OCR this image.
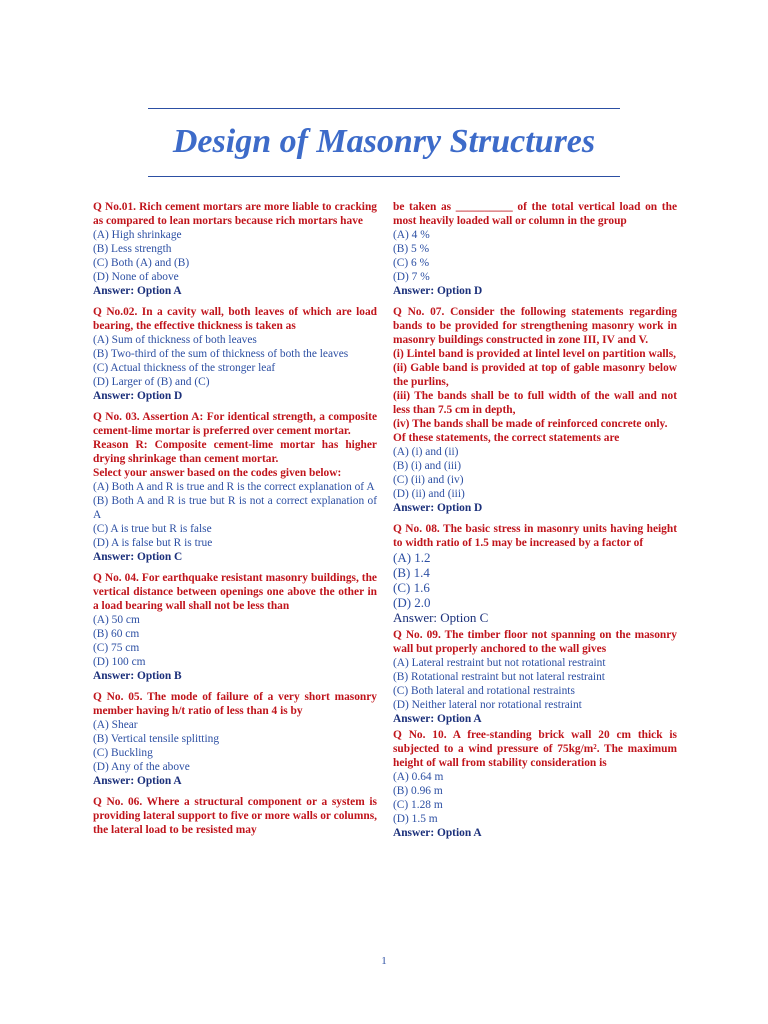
Design of Masonry Structures
Q No.01. Rich cement mortars are more liable to cracking as compared to lean mortars because rich mortars have
(A) High shrinkage
(B) Less strength
(C) Both (A) and (B)
(D) None of above
Answer: Option A
Q No.02. In a cavity wall, both leaves of which are load bearing, the effective thickness is taken as
(A) Sum of thickness of both leaves
(B) Two-third of the sum of thickness of both the leaves
(C) Actual thickness of the stronger leaf
(D) Larger of (B) and (C)
Answer: Option D
Q No. 03. Assertion A: For identical strength, a composite cement-lime mortar is preferred over cement mortar.
Reason R: Composite cement-lime mortar has higher drying shrinkage than cement mortar.
Select your answer based on the codes given below:
(A) Both A and R is true and R is the correct explanation of A
(B) Both A and R is true but R is not a correct explanation of A
(C) A is true but R is false
(D) A is false but R is true
Answer: Option C
Q No. 04. For earthquake resistant masonry buildings, the vertical distance between openings one above the other in a load bearing wall shall not be less than
(A) 50 cm
(B) 60 cm
(C) 75 cm
(D) 100 cm
Answer: Option B
Q No. 05. The mode of failure of a very short masonry member having h/t ratio of less than 4 is by
(A) Shear
(B) Vertical tensile splitting
(C) Buckling
(D) Any of the above
Answer: Option A
Q No. 06. Where a structural component or a system is providing lateral support to five or more walls or columns, the lateral load to be resisted may
be taken as __________ of the total vertical load on the most heavily loaded wall or column in the group
(A) 4 %
(B) 5 %
(C) 6 %
(D) 7 %
Answer: Option D
Q No. 07. Consider the following statements regarding bands to be provided for strengthening masonry work in masonry buildings constructed in zone III, IV and V.
(i) Lintel band is provided at lintel level on partition walls,
(ii) Gable band is provided at top of gable masonry below the purlins,
(iii) The bands shall be to full width of the wall and not less than 7.5 cm in depth,
(iv) The bands shall be made of reinforced concrete only.
Of these statements, the correct statements are
(A) (i) and (ii)
(B) (i) and (iii)
(C) (ii) and (iv)
(D) (ii) and (iii)
Answer: Option D
Q No. 08. The basic stress in masonry units having height to width ratio of 1.5 may be increased by a factor of
(A) 1.2
(B) 1.4
(C) 1.6
(D) 2.0
Answer: Option C
Q No. 09. The timber floor not spanning on the masonry wall but properly anchored to the wall gives
(A) Lateral restraint but not rotational restraint
(B) Rotational restraint but not lateral restraint
(C) Both lateral and rotational restraints
(D) Neither lateral nor rotational restraint
Answer: Option A
Q No. 10. A free-standing brick wall 20 cm thick is subjected to a wind pressure of 75kg/m². The maximum height of wall from stability consideration is
(A) 0.64 m
(B) 0.96 m
(C) 1.28 m
(D) 1.5 m
Answer: Option A
1
